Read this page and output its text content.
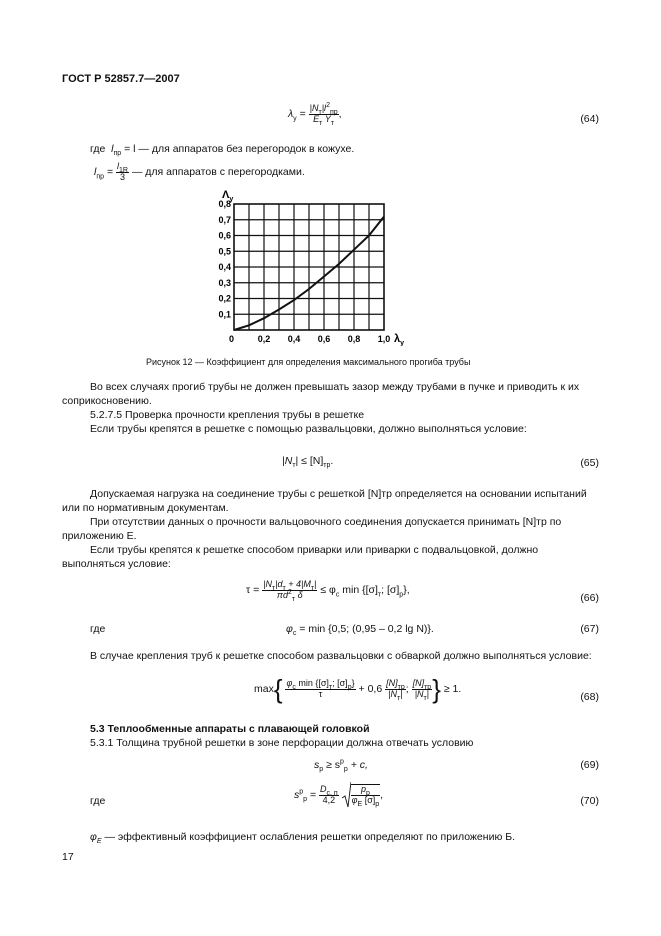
ГОСТ Р 52857.7—2007
$\lambda_y = \frac{|N_т|l^2_{пр}}{E_т Y_т}$ ,	(64)
где $l_{пр} = l$ — для аппаратов без перегородок в кожухе.
$l_{пр} = \frac{l_{1R}}{3}$ — для аппаратов с перегородками.
0	0,2 0,4 0,6 0,8 1,0
0,1
0,2
0,3
0,4
0,5
0,6
0,7
0,8
$\Lambda_y$
$\lambda_y$
Рисунок 12 — Коэффициент для определения максимального прогиба трубы
Во всех случаях прогиб трубы не должен превышать зазор между трубами в пучке и приводить к их соприкосновению.
5.2.7.5 Проверка прочности крепления трубы в решетке
Если трубы крепятся в решетке с помощью развальцовки, должно выполняться условие:
$|N_т| \le [N]_{тр}$.	(65)
Допускаемая нагрузка на соединение трубы с решеткой [N]тр определяется на основании испытаний или по нормативным документам.
При отсутствии данных о прочности вальцовочного соединения допускается принимать [N]тр по приложению Е.
Если трубы крепятся к решетке способом приварки или приварки с подвальцовкой, должно выполняться условие:
$\tau = \frac{|N_т|d_т + 4|M_т|}{\pi d^2_т \delta} \le \varphi_с$ $\min \{[\sigma]_т$; $[\sigma]_р$},
(66)
где	$\varphi_с = \min \{0,5$; (0,95 – 0,2 lg N)}.	(67)
В случае крепления труб к решетке способом развальцовки с обваркой должно выполняться условие:
$\max\{ \frac{\varphi_с \min \{[\sigma]_т; [\sigma]_р\}}{\tau} + 0,6 \frac{[N]_{тр}}{|N_т|}$ ; $\frac{[N]_{тр}}{|N_т|}$ } ≥ 1.
(68)
5.3 Теплообменные аппараты с плавающей головкой
5.3.1 Толщина трубной решетки в зоне перфорации должна отвечать условию
$s_р \ge s^р_р + c$,	(69)
где
$s^р_р = \frac{D_{с. п}}{4,2}$
$\frac{p_р}{\varphi_E [\sigma]_р}$ ,
(70)
$\varphi_E$ — эффективный коэффициент ослабления решетки определяют по приложению Б.
17
